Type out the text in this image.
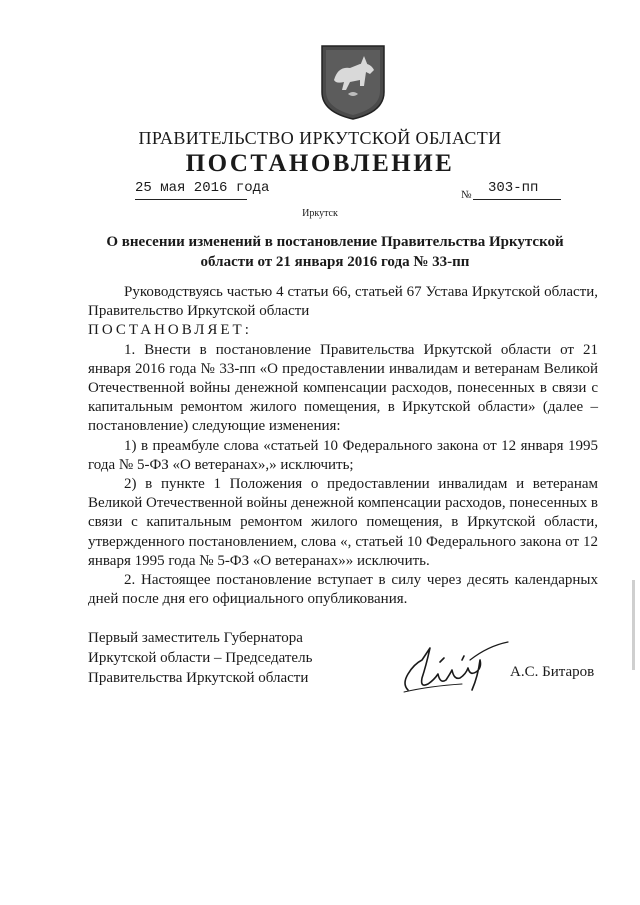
ПРАВИТЕЛЬСТВО ИРКУТСКОЙ ОБЛАСТИ
ПОСТАНОВЛЕНИЕ
25 мая 2016 года	№ 303-пп
Иркутск
О внесении изменений в постановление Правительства Иркутской
области от 21 января 2016 года № 33-пп

Руководствуясь частью 4 статьи 66, статьей 67 Устава Иркутской области, Правительство Иркутской области

ПОСТАНОВЛЯЕТ:

1. Внести в постановление Правительства Иркутской области от 21 января 2016 года № 33-пп «О предоставлении инвалидам и ветеранам Великой Отечественной войны денежной компенсации расходов, понесенных в связи с капитальным ремонтом жилого помещения, в Иркутской области» (далее – постановление) следующие изменения:

1) в преамбуле слова «статьей 10 Федерального закона от 12 января 1995 года № 5-ФЗ «О ветеранах»,» исключить;

2) в пункте 1 Положения о предоставлении инвалидам и ветеранам Великой Отечественной войны денежной компенсации расходов, понесенных в связи с капитальным ремонтом жилого помещения, в Иркутской области, утвержденного постановлением, слова «, статьей 10 Федерального закона от 12 января 1995 года № 5-ФЗ «О ветеранах»» исключить.

2. Настоящее постановление вступает в силу через десять календарных дней после дня его официального опубликования.

Первый заместитель Губернатора
Иркутской области – Председатель
Правительства Иркутской области	А.С. Битаров
